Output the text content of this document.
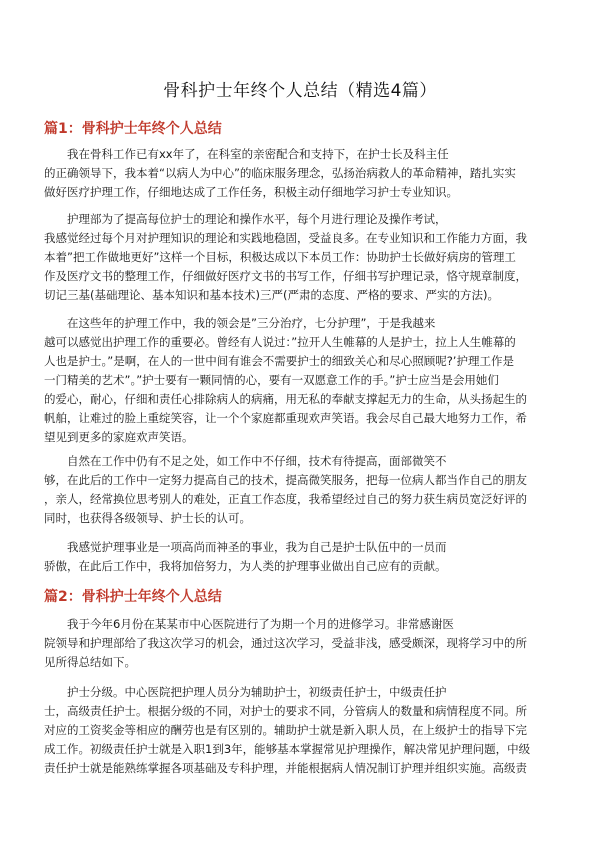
骨科护士年终个人总结（精选4篇）
篇1：骨科护士年终个人总结
我在骨科工作已有xx年了，在科室的亲密配合和支持下，在护士长及科主任
的正确领导下，我本着“以病人为中心”的临床服务理念，弘扬治病救人的革命精神，踏扎实实
做好医疗护理工作，仔细地达成了工作任务，积极主动仔细地学习护士专业知识。
护理部为了提高每位护士的理论和操作水平，每个月进行理论及操作考试，
我感觉经过每个月对护理知识的理论和实践地稳固，受益良多。在专业知识和工作能力方面，我
本着”把工作做地更好”这样一个目标，积极达成以下本员工作：协助护士长做好病房的管理工
作及医疗文书的整理工作，仔细做好医疗文书的书写工作，仔细书写护理记录，恪守规章制度，
切记三基(基础理论、基本知识和基本技术)三严(严肃的态度、严格的要求、严实的方法)。
在这些年的护理工作中，我的领会是”三分治疗，七分护理”，于是我越来
越可以感觉出护理工作的重要必。曾经有人说过：”拉开人生帷幕的人是护士，拉上人生帷幕的
人也是护士。”是啊，在人的一世中间有谁会不需要护士的细致关心和尽心照顾呢?’护理工作是
一门精美的艺术”。”护士要有一颗同情的心，要有一双愿意工作的手。”护士应当是会用她们
的爱心，耐心，仔细和责任心排除病人的病痛，用无私的奉献支撑起无力的生命，从头扬起生的
帆舶，让难过的脸上重绽笑容，让一个个家庭都重现欢声笑语。我会尽自己最大地努力工作，希
望见到更多的家庭欢声笑语。
自然在工作中仍有不足之处，如工作中不仔细，技术有待提高，面部微笑不
够，在此后的工作中一定努力提高自己的技术，提高微笑服务，把每一位病人都当作自己的朋友
，亲人，经常换位思考别人的难处，正直工作态度，我希望经过自己的努力获生病员宽泛好评的
同时，也获得各级领导、护士长的认可。
我感觉护理事业是一项高尚而神圣的事业，我为自己是护士队伍中的一员而
骄傲，在此后工作中，我将加倍努力，为人类的护理事业做出自己应有的贡献。
篇2：骨科护士年终个人总结
我于今年6月份在某某市中心医院进行了为期一个月的进修学习。非常感谢医
院领导和护理部给了我这次学习的机会，通过这次学习，受益非浅，感受颇深，现将学习中的所
见所得总结如下。
护士分级。中心医院把护理人员分为辅助护士，初级责任护士，中级责任护
士，高级责任护士。根据分级的不同，对护士的要求不同，分管病人的数量和病情程度不同。所
对应的工资奖金等相应的酬劳也是有区别的。辅助护士就是新入职人员，在上级护士的指导下完
成工作。初级责任护士就是入职1到3年，能够基本掌握常见护理操作，解决常见护理问题，中级
责任护士就是能熟练掌握各项基础及专科护理，并能根据病人情况制订护理并组织实施。高级责
